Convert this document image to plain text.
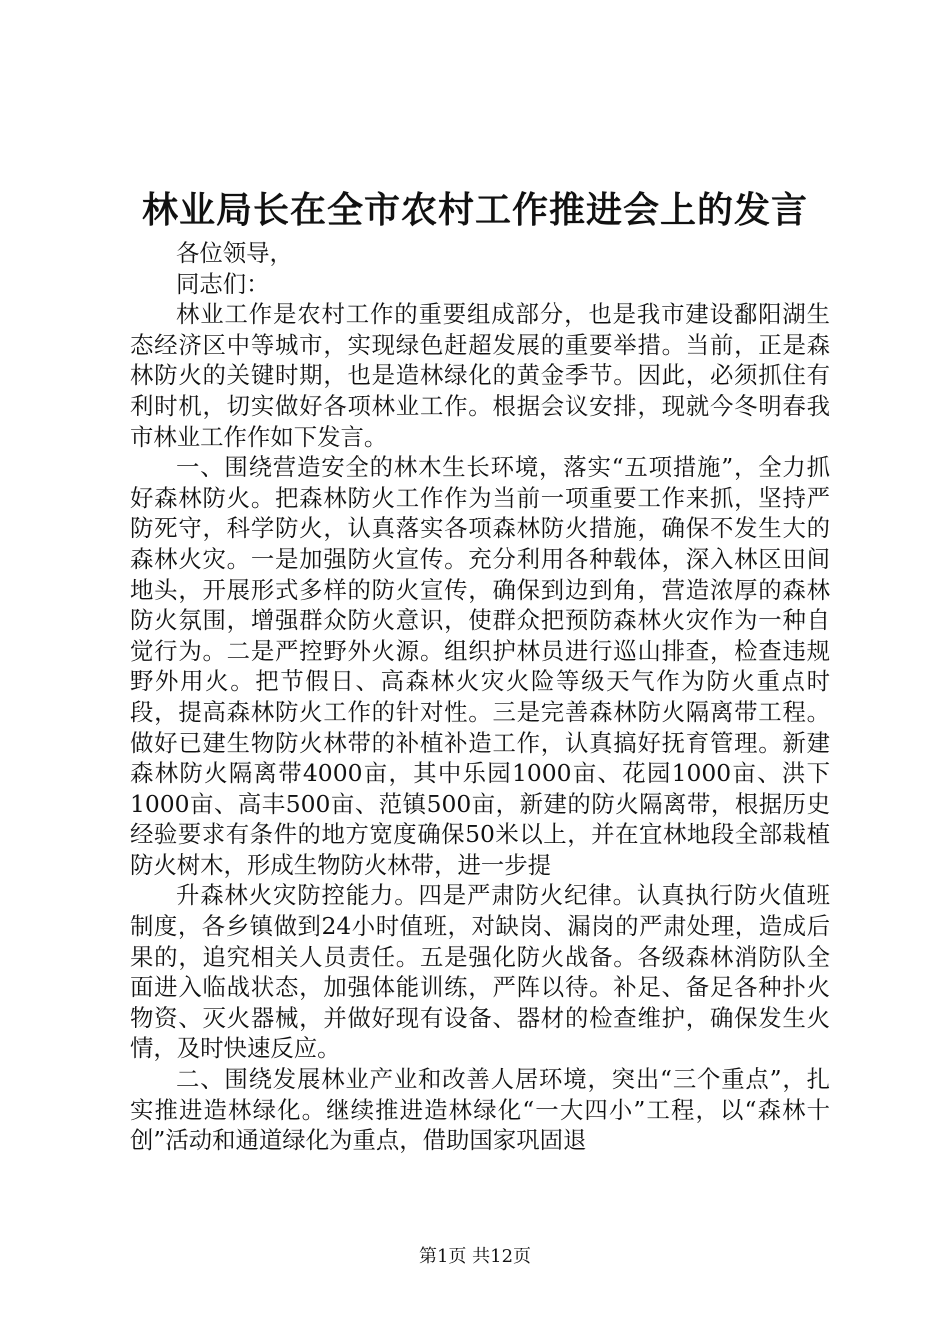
林业局长在全市农村工作推进会上的发言

各位领导，

同志们：

林业工作是农村工作的重要组成部分，也是我市建设鄱阳湖生态经济区中等城市，实现绿色赶超发展的重要举措。当前，正是森林防火的关键时期，也是造林绿化的黄金季节。因此，必须抓住有利时机，切实做好各项林业工作。根据会议安排，现就今冬明春我市林业工作作如下发言。

一、围绕营造安全的林木生长环境，落实“五项措施”，全力抓好森林防火。把森林防火工作作为当前一项重要工作来抓，坚持严防死守，科学防火，认真落实各项森林防火措施，确保不发生大的森林火灾。一是加强防火宣传。充分利用各种载体，深入林区田间地头，开展形式多样的防火宣传，确保到边到角，营造浓厚的森林防火氛围，增强群众防火意识，使群众把预防森林火灾作为一种自觉行为。二是严控野外火源。组织护林员进行巡山排查，检查违规野外用火。把节假日、高森林火灾火险等级天气作为防火重点时段，提高森林防火工作的针对性。三是完善森林防火隔离带工程。做好已建生物防火林带的补植补造工作，认真搞好抚育管理。新建森林防火隔离带4000亩，其中乐园1000亩、花园1000亩、洪下1000亩、高丰500亩、范镇500亩，新建的防火隔离带，根据历史经验要求有条件的地方宽度确保50米以上，并在宜林地段全部栽植防火树木，形成生物防火林带，进一步提

升森林火灾防控能力。四是严肃防火纪律。认真执行防火值班制度，各乡镇做到24小时值班，对缺岗、漏岗的严肃处理，造成后果的，追究相关人员责任。五是强化防火战备。各级森林消防队全面进入临战状态，加强体能训练，严阵以待。补足、备足各种扑火物资、灭火器械，并做好现有设备、器材的检查维护，确保发生火情，及时快速反应。

二、围绕发展林业产业和改善人居环境，突出“三个重点”，扎实推进造林绿化。继续推进造林绿化“一大四小”工程，以“森林十创”活动和通道绿化为重点，借助国家巩固退

第1页 共12页
